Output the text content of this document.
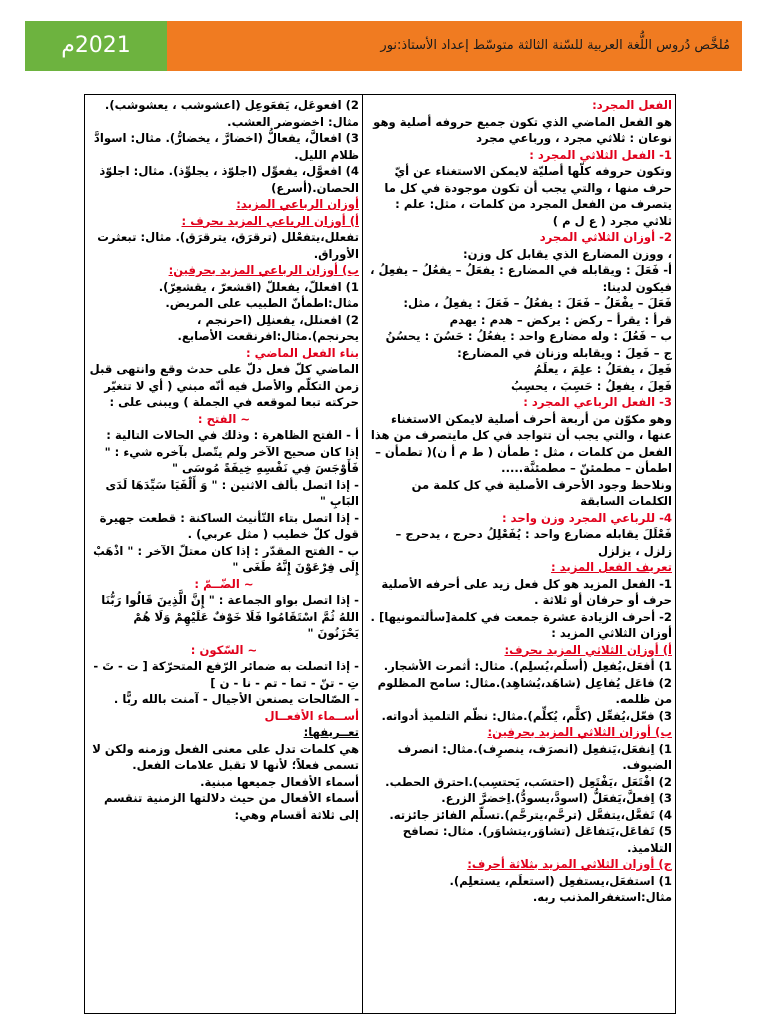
2021م	مُلخَّص دُروس اللُّغة العربية للسّنة الثالثة متوسّط إعداد الأستاذ:نور

الفعل المجرد:

هو الفعل الماضي الذي تكون جميع حروفه أصلية وهو نوعان : ثلاثي مجرد ، ورباعي مجرد

1- الفعل الثلاثي المجرد :

وتكون حروفه كلّها أصليّة لايمكن الاستغناء عن أيّ حرف منها ، والتي يجب أن تكون موجودة في كل ما يتصرف من الفعل المجرد من كلمات ، مثل: علم : ثلاثي مجرد ( ع ل م )

2- أوزان الثلاثي المجرد

، ووزن المضارع الذي يقابل كل وزن:

أ- فَعَلَ : ويقابله في المضارع : يفعَلُ – يفعُلُ – يفعِلُ ، فيكون لدينا:

فَعَلَ – يفْعَلُ – فَعَلَ : يفعُلُ – فَعَلَ : يفعِلُ ، مثل:

قرأ : يقرأ – ركض : يركض – هدم : يهدم

ب – فَعُلَ : وله مضارع واحد : يفعُلُ : حَسُنَ : يحسُنُ

ج – فَعِلَ : ويقابله وزنان في المضارع:

فَعِلَ ، يفعَلُ : علِمَ ، يعلَمُ

فَعِلَ ، يفعِلُ : حَسِبَ ، يحسِبُ

3- الفعل الرباعي المجرد :

وهو مكوّن من أربعة أحرف أصلية لايمكن الاستغناء عنها ، والتي يجب أن تتواجد في كل مايتصرف من هذا الفعل من كلمات ، مثل : طمأن ( ط م أ ن)( تطمأن – اطمأن – مطمئنّ – مطمئنَّة.....

ونلاحظ وجود الأحرف الأصلية في كل كلمة من الكلمات السابقة

4- للرباعي المجرد وزن واحد :

فَعْلَلَ يقابله مضارع واحد : يُفَعْلِلُ دحرج ، يدحرج – زلزل ، يزلزل

تعريف الفعل المزيد :

1- الفعل المزيد هو كل فعل زيد على أحرفه الأصلية حرف أو حرفان أو ثلاثة .

2- أحرف الزيادة عشرة جمعت في كلمة[سألتمونيها] . أوزان الثلاثي المزيد :

أ) أوزان الثلاثي المزيد بحرف:

1) أفعَل،يُفعِل (أسلَم،يُسلِم). مثال: أثمرت الأشجار.

2) فاعَل يُفاعِل (شاهَد،يُشاهِد).مثال: سامح المظلوم من ظلمه.

3) فعّل،يُفعِّل (كلَّم، يُكلِّم).مثال: نظّم التلميذ أدواته.

ب) أوزان الثلاثي المزيد بحرفين:

1) اِنفعَل،يَنفعِل (انصرَف، ينصرِف).مثال: انصرف الضيوف.

2) افْتَعَل ،يَفْتَعِل (احتسَب، يَحتسِب).احترق الحطب.

3) اِفعلَّ،يَفعَلُّ (اسودَّ،يسودُّ).اِخضرَّ الزرع.

4) تَفعَّل،يتفعَّل (ترحَّم،يترحَّم).تسلّم الفائز جائزته.

5) تَفاعَل،يَتفاعَل (تشاوَر،يتشاوَر). مثال: تصافح التلاميذ.

ج) أوزان الثلاثي المزيد بثلاثة أحرف:

1) استفعَل،يستفعِل (استعلَم، يستعلِم). مثال:استغفرالمذنب ربه.

2) افعوعَل، يَفعَوعِل (اعشوشب ، يعشوشب). مثال: اخضوضر العشب.

3) افعالَّ، يفعالُّ (اخضارَّ ، يخضارُّ). مثال: اسوادَّ ظلام الليل.

4) افعوَّل، يفعوِّل (اجلوّذ ، يجلوِّذ). مثال: اجلوّذ الحصان.(أسرع)

أوزان الرباعي المزيد:

أ) أوزان الرباعي المزيد بحرف :

تفعلل،يتفعْلل (ترقرَق، يترقرَق). مثال: تبعثرت الأوراق.

ب) أوزان الرباعي المزيد بحرفين:

1) افعللّ، يفعللّ (اقشعرّ ، يقشعِرّ). مثال:اطمأنّ الطبيب على المريض.

2) افعنلل، يفعنلِل (احرنجم ، يحرنجم).مثال:افرنقعت الأصابع.

بناء الفعل الماضي :

الماضي كلّ فعل دلّ على حدث وقع وانتهى قبل زمن التكلّم والأصل فيه أنّه مبني ( أي لا تتغيّر حركته تبعا لموقعه في الجملة ) ويبنى على :

~ الفتح :

أ - الفتح الظاهرة : وذلك في الحالات التالية :

إذا كان صحيح الآخر ولم يتّصل بآخره شيء : " فَأَوْجَسَ فِي نَفْسِهِ خِيفَةً مُوسَى "

- إذا اتصل بألف الاثنين : " وَ أَلْفَيَا سَيِّدَهَا لَدَى البَابِ "

- إذا اتصل بتاء التّأنيث الساكنة : قطعت جهيرة قول كلّ خطيب ( مثل عربي) .

ب - الفتح المقدّر : إذا كان معتلّ الآخر : " اذْهَبْ إِلَى فِرْعَوْنَ إِنَّهُ طَغَى "

~ الضّــمّ :

- إذا اتصل بواو الجماعة : " إِنَّ الَّذِينَ قَالُوا رَبُّنَا اللهُ ثُمَّ اسْتَقَامُوا فَلَا خَوْفٌ عَلَيْهِمْ وَلَا هُمْ يَحْزَنُونَ "

~ السّكون :

- إذا اتصلت به ضمائر الرّفع المتحرّكة [ ت - تَ - تِ - تنّ - تما - تم - نا - ن ]

- الصّالحات يصنعن الأجيال - آمنت بالله ربًّا .

أســماء الأفعــال

تعــريفها:

هي كلمات تدل على معنى الفعل وزمنه ولكن لا تسمى فعلاً؛ لأنها لا تقبل علامات الفعل.

أسماء الأفعال جميعها مبنية.

أسماء الأفعال من حيث دلالتها الزمنية تنقسم إلى ثلاثة أقسام وهي:
